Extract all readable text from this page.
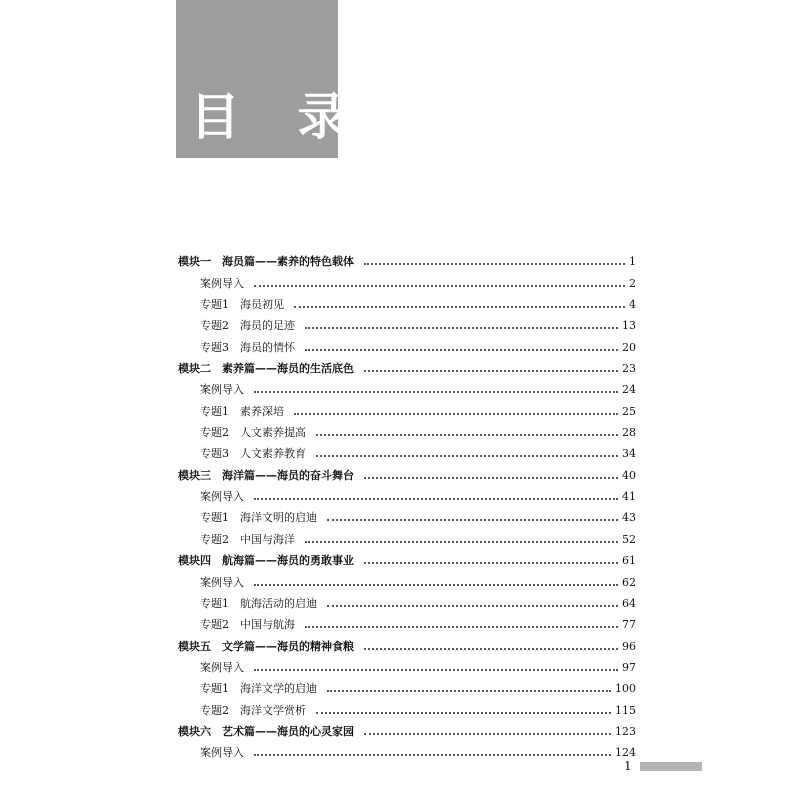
目 录
模块一　海员篇——素养的特色载体	1
案例导入	2
专题1　海员初见	4
专题2　海员的足迹	13
专题3　海员的情怀	20
模块二　素养篇——海员的生活底色	23
案例导入	24
专题1　素养深培	25
专题2　人文素养提高	28
专题3　人文素养教育	34
模块三　海洋篇——海员的奋斗舞台	40
案例导入	41
专题1　海洋文明的启迪	43
专题2　中国与海洋	52
模块四　航海篇——海员的勇敢事业	61
案例导入	62
专题1　航海活动的启迪	64
专题2　中国与航海	77
模块五　文学篇——海员的精神食粮	96
案例导入	97
专题1　海洋文学的启迪	100
专题2　海洋文学赏析	115
模块六　艺术篇——海员的心灵家园	123
案例导入	124
1
